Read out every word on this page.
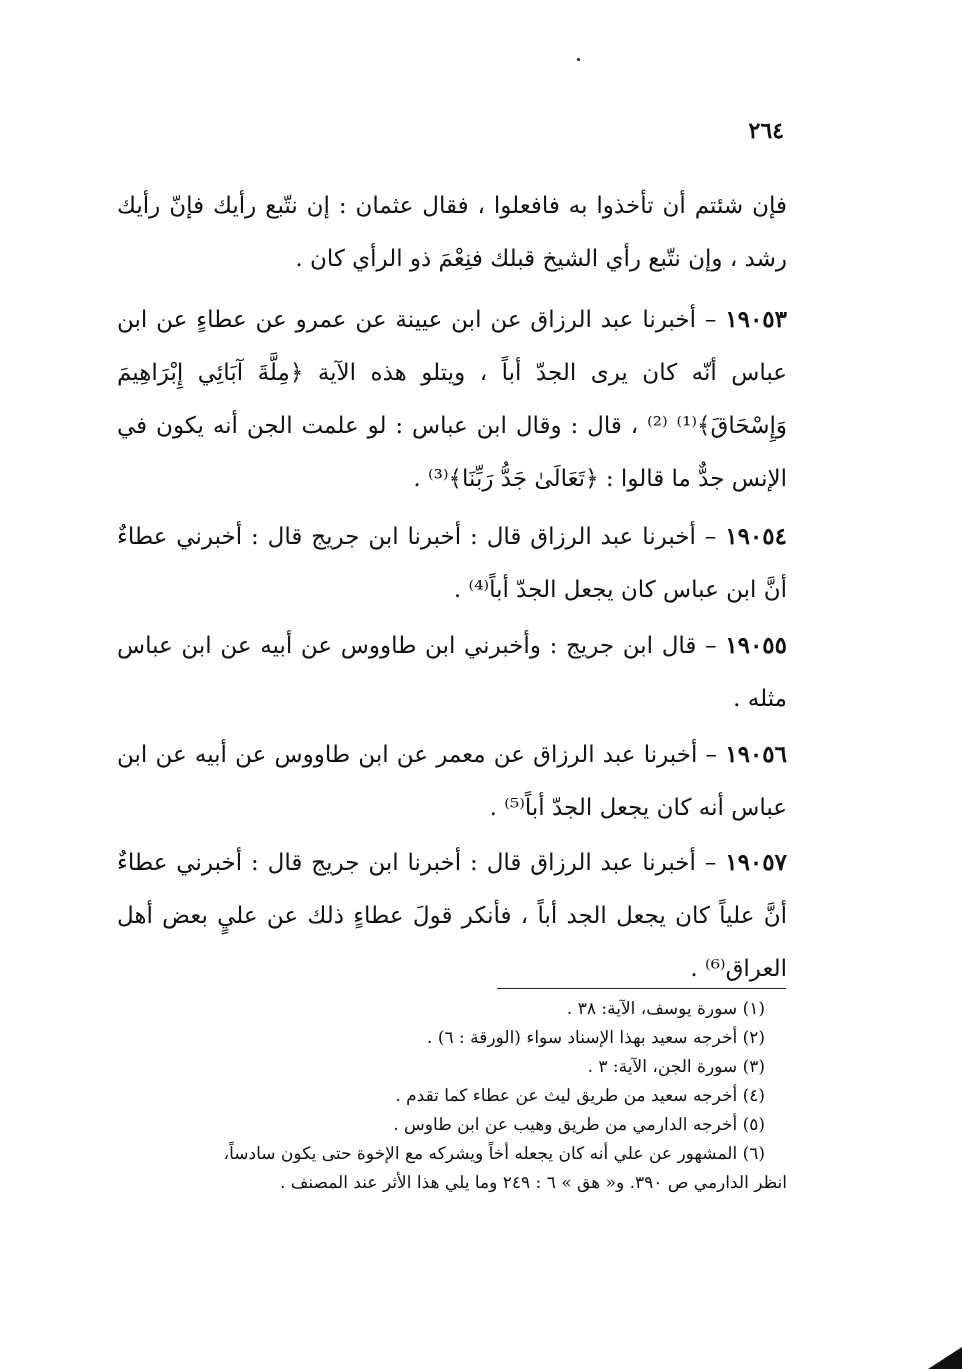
٢٦٤
فإن شئتم أن تأخذوا به فافعلوا ، فقال عثمان : إن نتّبع رأيك فإنّ رأيك رشد ، وإن نتّبع رأي الشيخ قبلك فنِعْمَ ذو الرأي كان .
١٩٠٥٣ – أخبرنا عبد الرزاق عن ابن عيينة عن عمرو عن عطاءٍ عن ابن عباس أنّه كان يرى الجدّ أباً ، ويتلو هذه الآية ﴿مِلَّةَ آبَائِي إِبْرَاهِيمَ وَإِسْحَاقَ﴾⁽¹⁾ ⁽²⁾ ، قال : وقال ابن عباس : لو علمت الجن أنه يكون في الإنس جدٌّ ما قالوا : ﴿تَعَالَىٰ جَدُّ رَبِّنَا﴾⁽³⁾ .
١٩٠٥٤ – أخبرنا عبد الرزاق قال : أخبرنا ابن جريج قال : أخبرني عطاءٌ أنَّ ابن عباس كان يجعل الجدّ أباً⁽⁴⁾ .
١٩٠٥٥ – قال ابن جريج : وأخبرني ابن طاووس عن أبيه عن ابن عباس مثله .
١٩٠٥٦ – أخبرنا عبد الرزاق عن معمر عن ابن طاووس عن أبيه عن ابن عباس أنه كان يجعل الجدّ أباً⁽⁵⁾ .
١٩٠٥٧ – أخبرنا عبد الرزاق قال : أخبرنا ابن جريج قال : أخبرني عطاءٌ أنَّ علياً كان يجعل الجد أباً ، فأنكر قولَ عطاءٍ ذلك عن عليٍ بعض أهل العراق⁽⁶⁾ .
(١) سورة يوسف، الآية: ٣٨ .
(٢) أخرجه سعيد بهذا الإسناد سواء (الورقة : ٦) .
(٣) سورة الجن، الآية: ٣ .
(٤) أخرجه سعيد من طريق ليث عن عطاء كما تقدم .
(٥) أخرجه الدارمي من طريق وهيب عن ابن طاوس .
(٦) المشهور عن علي أنه كان يجعله أخاً ويشركه مع الإخوة حتى يكون سادساً،
انظر الدارمي ص ٣٩٠. و« هق » ٦ : ٢٤٩ وما يلي هذا الأثر عند المصنف .
